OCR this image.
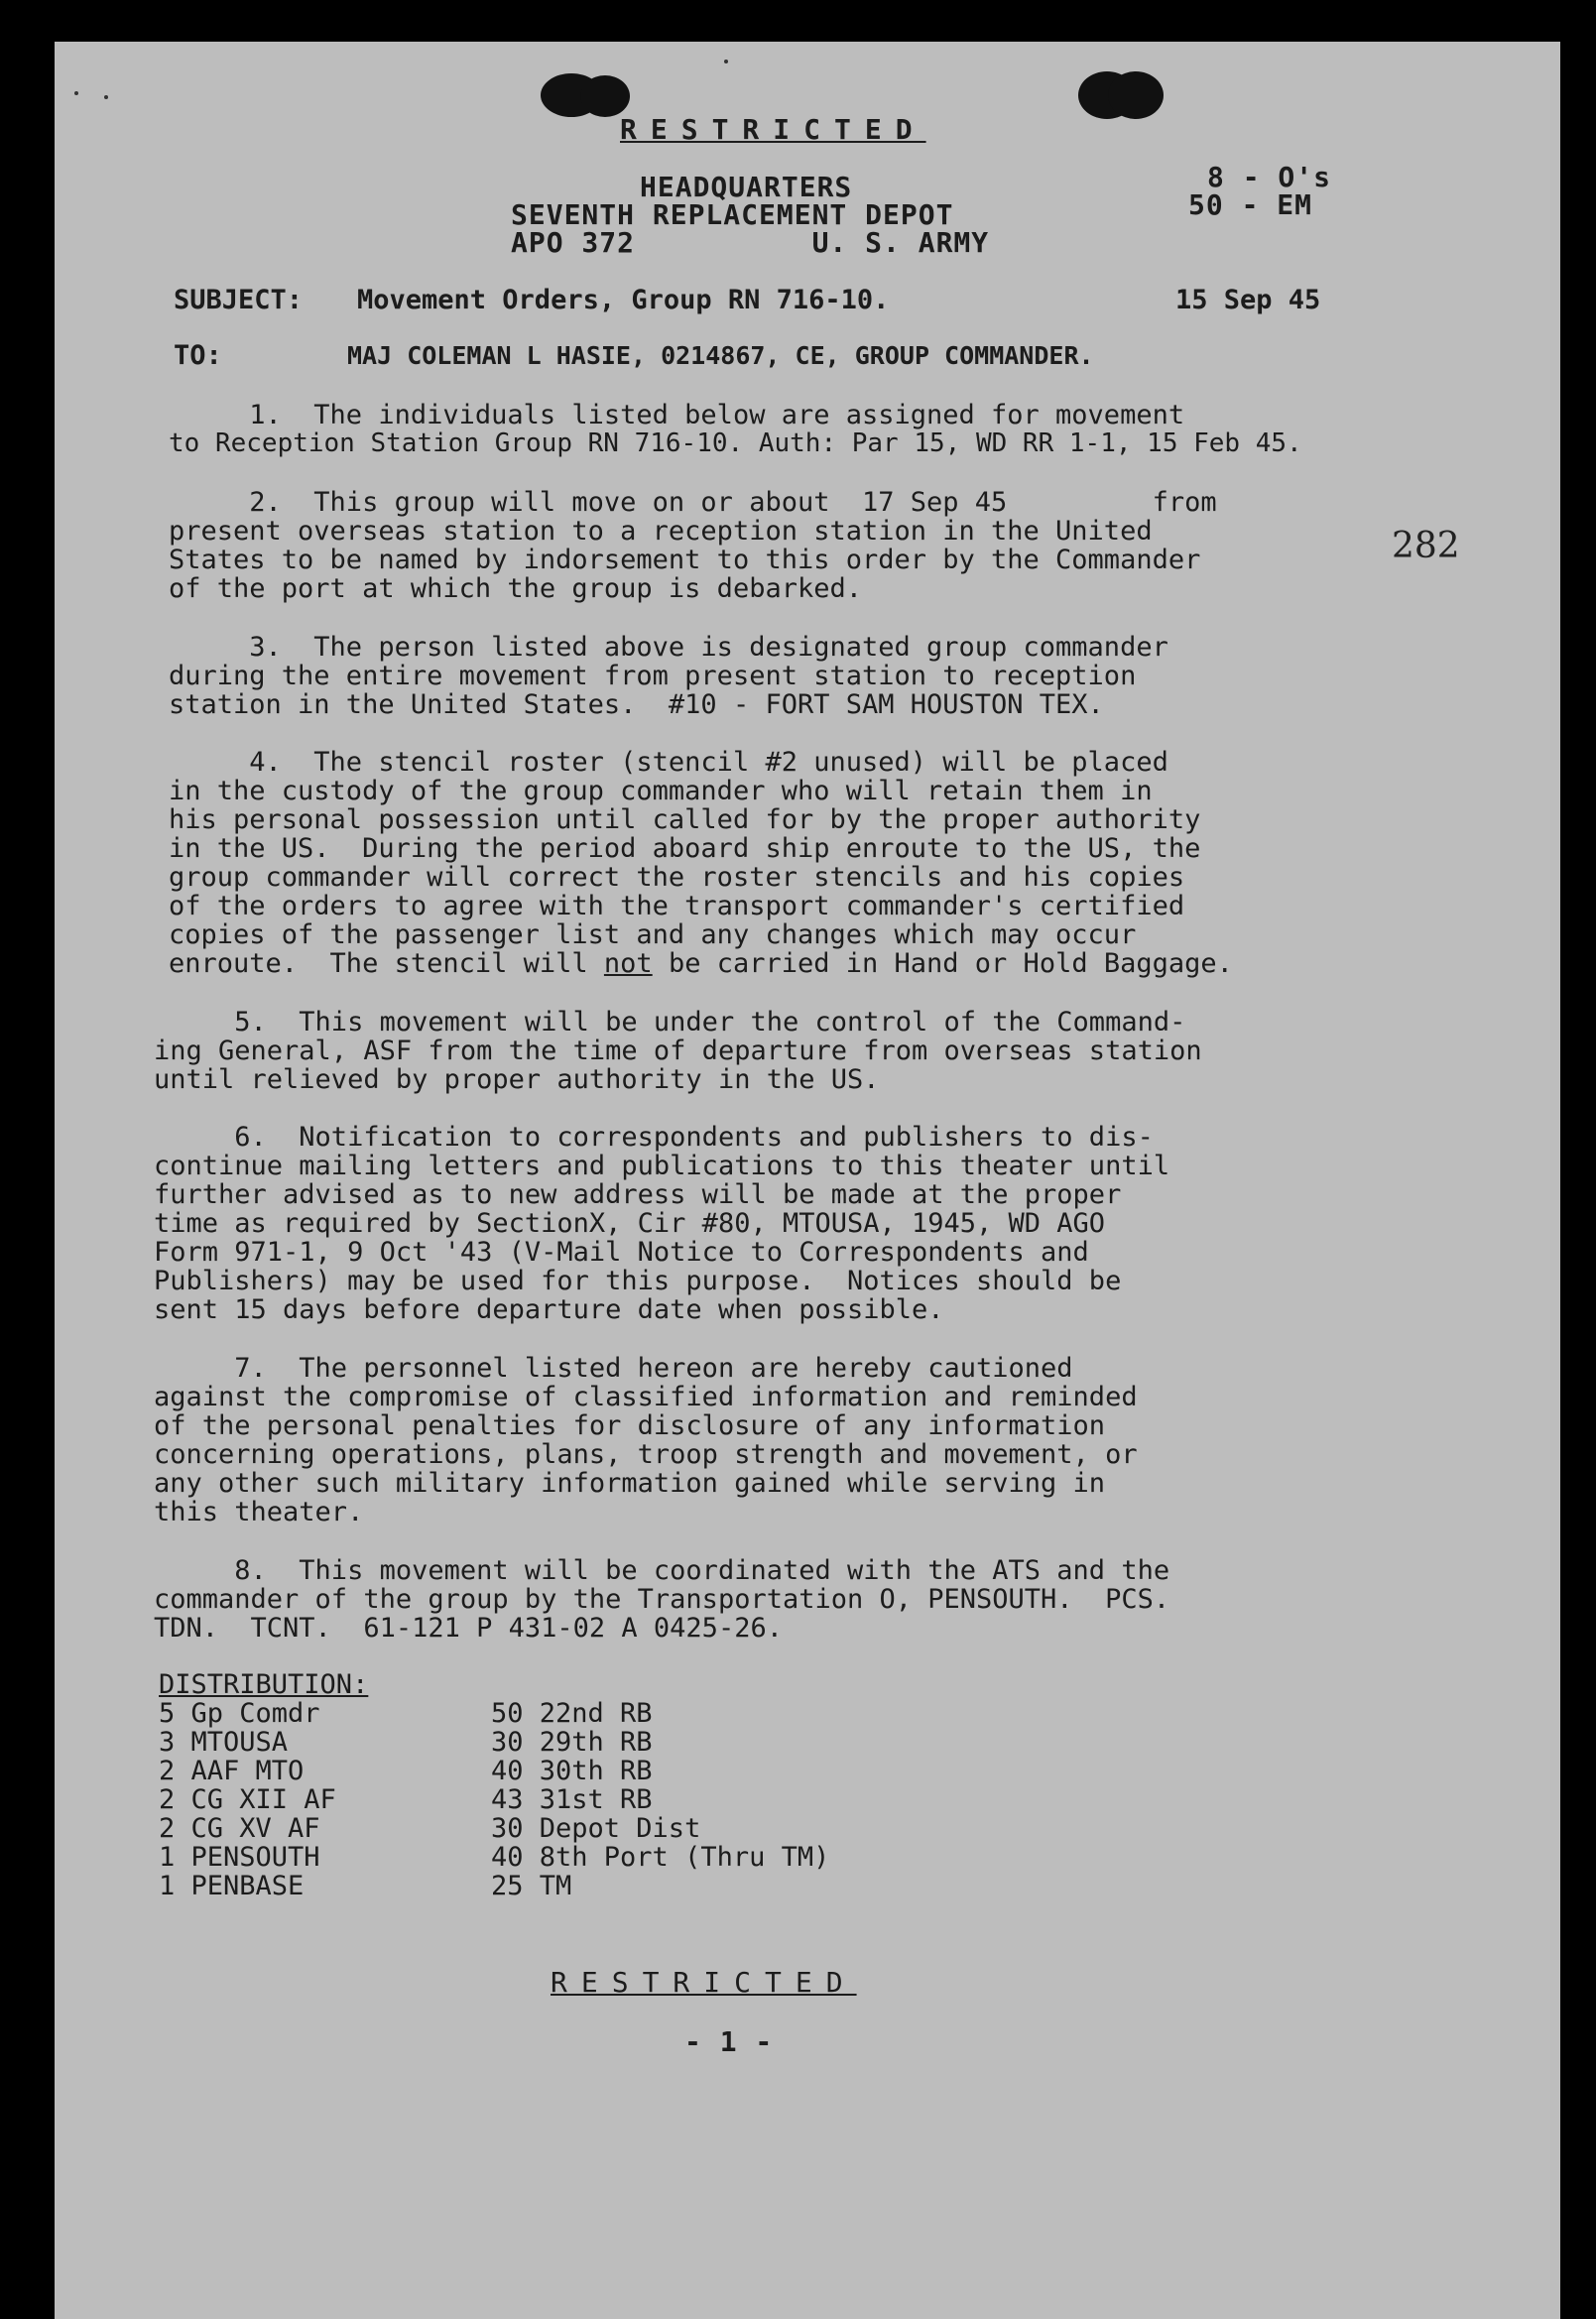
RESTRICTED
HEADQUARTERS
SEVENTH REPLACEMENT DEPOT
APO 372          U. S. ARMY
8 - O's
50 - EM
SUBJECT: Movement Orders, Group RN 716-10.	15 Sep 45
TO:	MAJ COLEMAN L HASIE, 0214867, CE, GROUP COMMANDER.
282
1.  The individuals listed below are assigned for movement
to Reception Station Group RN 716-10. Auth: Par 15, WD RR 1-1, 15 Feb 45.
2.  This group will move on or about  17 Sep 45         from
present overseas station to a reception station in the United
States to be named by indorsement to this order by the Commander
of the port at which the group is debarked.
3.  The person listed above is designated group commander
during the entire movement from present station to reception
station in the United States.  #10 - FORT SAM HOUSTON TEX.
4.  The stencil roster (stencil #2 unused) will be placed
in the custody of the group commander who will retain them in
his personal possession until called for by the proper authority
in the US.  During the period aboard ship enroute to the US, the
group commander will correct the roster stencils and his copies
of the orders to agree with the transport commander's certified
copies of the passenger list and any changes which may occur
enroute.  The stencil will not be carried in Hand or Hold Baggage.
5.  This movement will be under the control of the Command-
ing General, ASF from the time of departure from overseas station
until relieved by proper authority in the US.
6.  Notification to correspondents and publishers to dis-
continue mailing letters and publications to this theater until
further advised as to new address will be made at the proper
time as required by SectionX, Cir #80, MTOUSA, 1945, WD AGO
Form 971-1, 9 Oct '43 (V-Mail Notice to Correspondents and
Publishers) may be used for this purpose.  Notices should be
sent 15 days before departure date when possible.
7.  The personnel listed hereon are hereby cautioned
against the compromise of classified information and reminded
of the personal penalties for disclosure of any information
concerning operations, plans, troop strength and movement, or
any other such military information gained while serving in
this theater.
8.  This movement will be coordinated with the ATS and the
commander of the group by the Transportation O, PENSOUTH.  PCS.
TDN.  TCNT.  61-121 P 431-02 A 0425-26.
DISTRIBUTION:
5 Gp Comdr
3 MTOUSA
2 AAF MTO
2 CG XII AF
2 CG XV AF
1 PENSOUTH
1 PENBASE
50 22nd RB
30 29th RB
40 30th RB
43 31st RB
30 Depot Dist
40 8th Port (Thru TM)
25 TM
RESTRICTED
- 1 -
